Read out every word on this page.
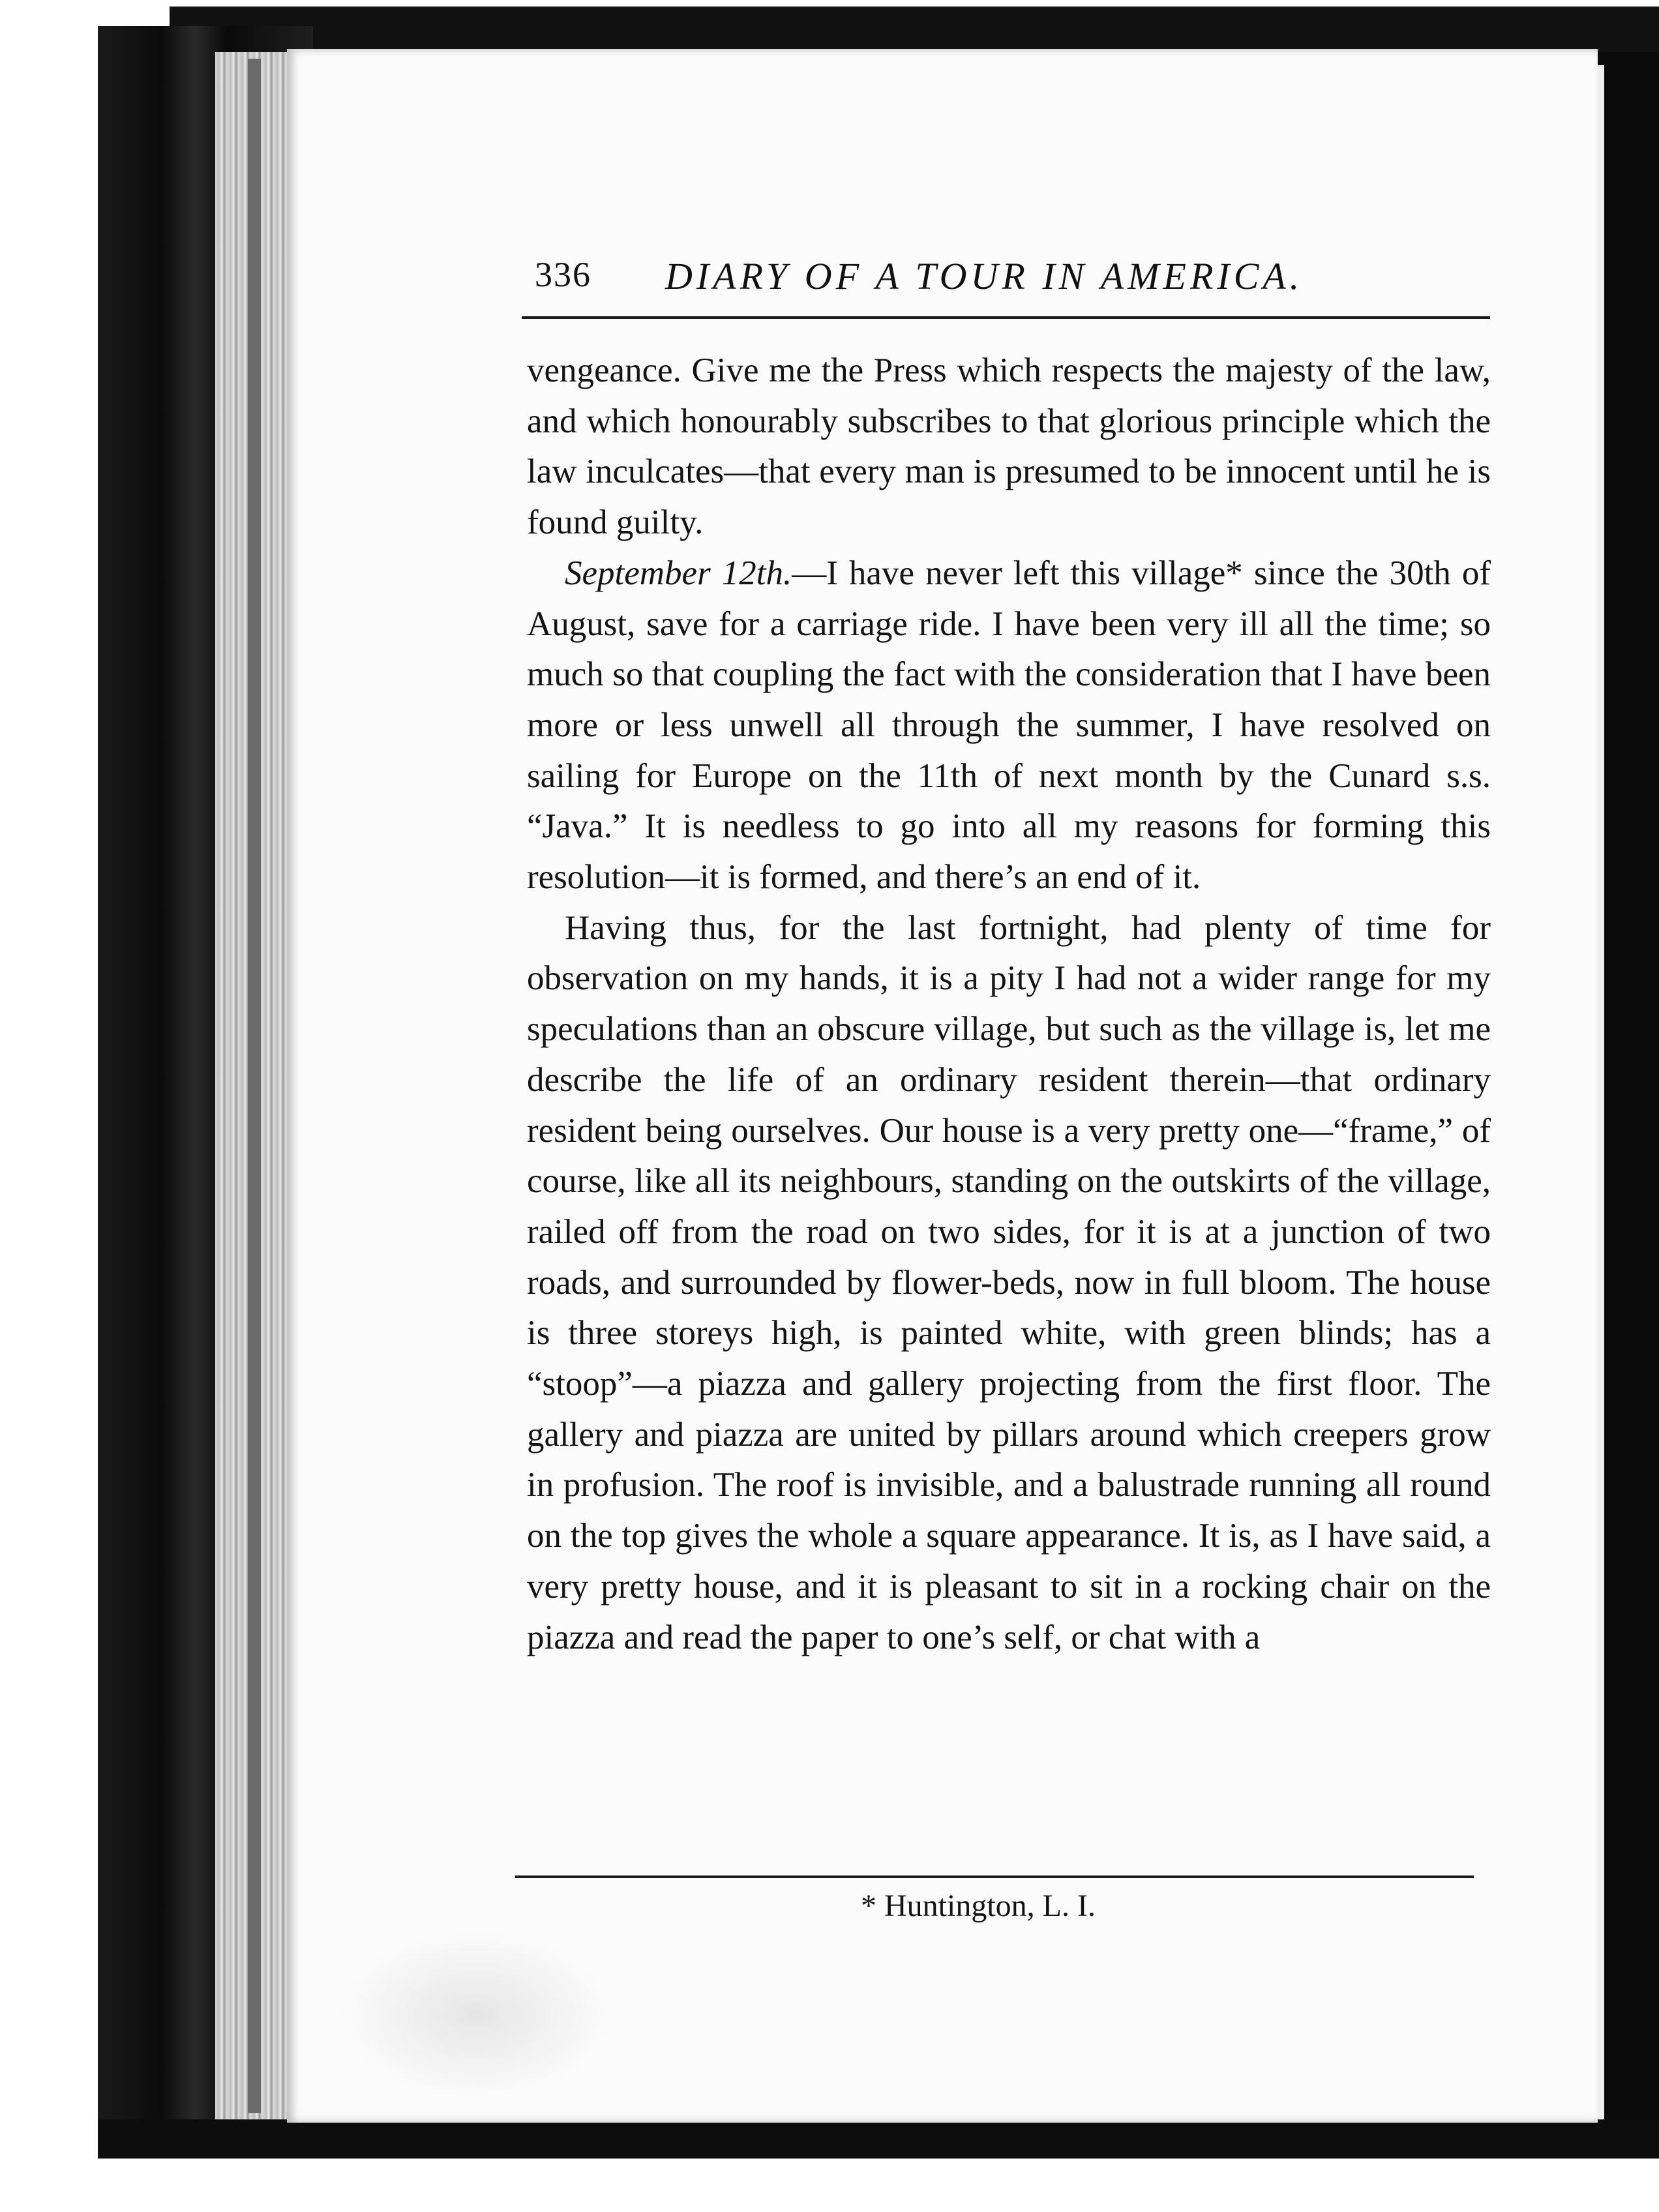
336 DIARY OF A TOUR IN AMERICA.

vengeance. Give me the Press which respects the majesty of the law, and which honourably subscribes to that glorious principle which the law inculcates—that every man is presumed to be innocent until he is found guilty.

September 12th.—I have never left this village* since the 30th of August, save for a carriage ride. I have been very ill all the time; so much so that coupling the fact with the consideration that I have been more or less unwell all through the summer, I have resolved on sailing for Europe on the 11th of next month by the Cunard s.s. “Java.” It is needless to go into all my reasons for forming this resolution—it is formed, and there’s an end of it.

Having thus, for the last fortnight, had plenty of time for observation on my hands, it is a pity I had not a wider range for my speculations than an obscure village, but such as the village is, let me describe the life of an ordinary resident therein—that ordinary resident being ourselves. Our house is a very pretty one—“frame,” of course, like all its neighbours, standing on the outskirts of the village, railed off from the road on two sides, for it is at a junction of two roads, and surrounded by flower-beds, now in full bloom. The house is three storeys high, is painted white, with green blinds; has a “stoop”—a piazza and gallery projecting from the first floor. The gallery and piazza are united by pillars around which creepers grow in profusion. The roof is invisible, and a balustrade running all round on the top gives the whole a square appearance. It is, as I have said, a very pretty house, and it is pleasant to sit in a rocking chair on the piazza and read the paper to one’s self, or chat with a

* Huntington, L. I.
